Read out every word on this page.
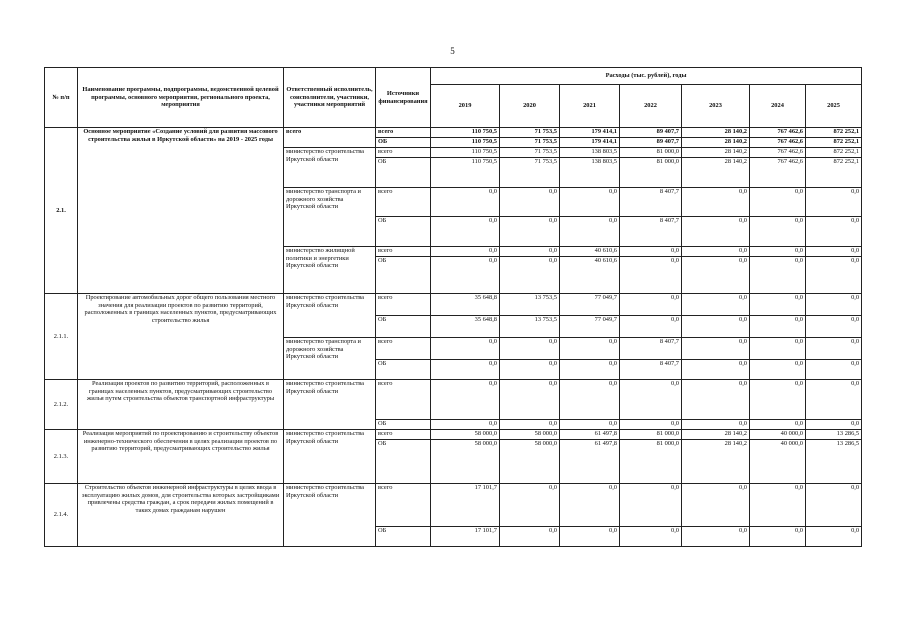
5
№ п/п	Наименование программы, подпрограммы, ведомственной целевой программы, основного мероприятия, регионального проекта, мероприятия	Ответственный исполнитель, соисполнители, участники, участники мероприятий	Источники финансирования	Расходы (тыс. рублей), годы						
				2019	2020	2021	2022	2023	2024	2025
2.1.	Основное мероприятие «Создание условий для развития массового строительства жилья в Иркутской области» на 2019 - 2025 годы	всего	всего	110 750,5	71 753,5	179 414,1	89 407,7	28 140,2	767 462,6	872 252,1
			ОБ	110 750,5	71 753,5	179 414,1	89 407,7	28 140,2	767 462,6	872 252,1
		министерство строительства Иркутской области	всего	110 750,5	71 753,5	138 803,5	81 000,0	28 140,2	767 462,6	872 252,1
			ОБ	110 750,5	71 753,5	138 803,5	81 000,0	28 140,2	767 462,6	872 252,1
		министерство транспорта и дорожного хозяйства Иркутской области	всего	0,0	0,0	0,0	8 407,7	0,0	0,0	0,0
			ОБ	0,0	0,0	0,0	8 407,7	0,0	0,0	0,0
		министерство жилищной политики и энергетики Иркутской области	всего	0,0	0,0	40 610,6	0,0	0,0	0,0	0,0
			ОБ	0,0	0,0	40 610,6	0,0	0,0	0,0	0,0
2.1.1.	Проектирование автомобильных дорог общего пользования местного значения для реализации проектов по развитию территорий, расположенных в границах населенных пунктов, предусматривающих строительство жилья	министерство строительства Иркутской области	всего	35 648,8	13 753,5	77 049,7	0,0	0,0	0,0	0,0
			ОБ	35 648,8	13 753,5	77 049,7	0,0	0,0	0,0	0,0
		министерство транспорта и дорожного хозяйства Иркутской области	всего	0,0	0,0	0,0	8 407,7	0,0	0,0	0,0
			ОБ	0,0	0,0	0,0	8 407,7	0,0	0,0	0,0
2.1.2.	Реализация проектов по развитию территорий, расположенных в границах населенных пунктов, предусматривающих строительство жилья путем строительства объектов транспортной инфраструктуры	министерство строительства Иркутской области	всего	0,0	0,0	0,0	0,0	0,0	0,0	0,0
			ОБ	0,0	0,0	0,0	0,0	0,0	0,0	0,0
2.1.3.	Реализация мероприятий по проектированию и строительству объектов инженерно-технического обеспечения в целях реализации проектов по развитию территорий, предусматривающих строительство жилья	министерство строительства Иркутской области	всего	58 000,0	58 000,0	61 497,8	81 000,0	28 140,2	40 000,0	13 286,5
			ОБ	58 000,0	58 000,0	61 497,8	81 000,0	28 140,2	40 000,0	13 286,5
2.1.4.	Строительство объектов инженерной инфраструктуры в целях ввода в эксплуатацию жилых домов, для строительства которых застройщиками привлечены средства граждан, а срок передачи жилых помещений в таких домах гражданам нарушен	министерство строительства Иркутской области	всего	17 101,7	0,0	0,0	0,0	0,0	0,0	0,0
			ОБ	17 101,7	0,0	0,0	0,0	0,0	0,0	0,0
